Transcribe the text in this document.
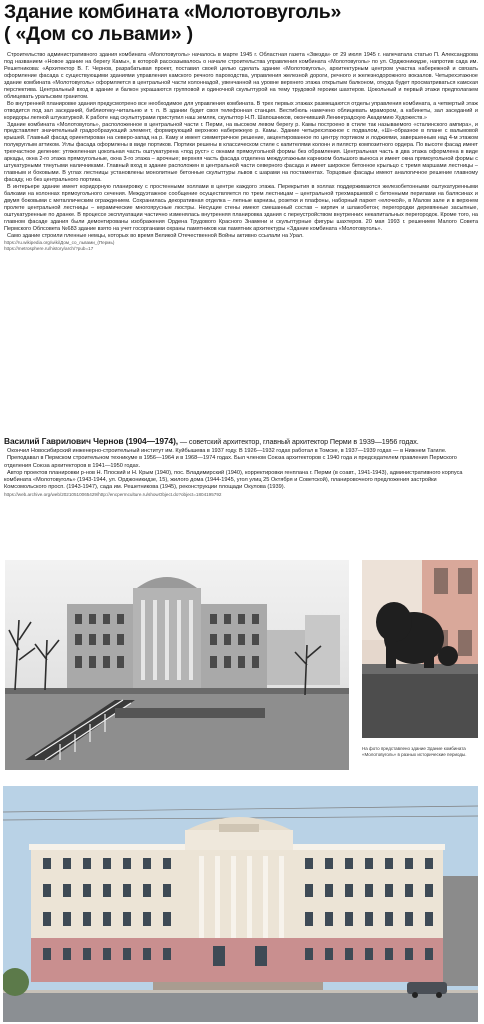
Здание комбината «Молотовуголь»
( «Дом со львами» )

Строительство административного здания комбината «Молотовуголь» началось в марте 1945 г. Областная газета «Звезда» от 29 июля 1945 г. напечатала статью П. Александрова под названием «Новое здание на берегу Камы», в которой рассказывалось о начале строительства управления комбината «Молотовуголь» по ул. Орджоникидзе, напротив сада им. Решетникова: «Архитектор В. Г. Чернов, разрабатывая проект, поставил своей целью сделать здание «Молотовуголь», архитектурным центром участка набережной и связать оформление фасада с существующими зданиями управления камского речного пароходства, управления железной дороги, речного и железнодорожного вокзалов. Четырехэтажное здание комбината «Молотовуголь» оформляется в центральной части колоннадой, увенчанной на уровне верхнего этажа открытым балконом, откуда будет просматриваться камская перспектива. Центральный вход в здание и балкон украшаются групповой и одиночной скульптурой на тему трудовой героики шахтеров. Цокольный и первый этажи предполагаем облицевать уральским гранитом.

Во внутренней планировке здания предусмотрено все необходимое для управления комбината. В трех первых этажах размещаются отделы управления комбината, а четвертый этаж отводится под зал заседаний, библиотеку-читальню и т. п. В здании будет своя телефонная станция. Вестибюль намечено облицевать мрамором, а кабинеты, зал заседаний и коридоры лепной штукатуркой. К работе над скульптурами приступил наш земляк, скульптор Н.П. Шапошников, окончивший Ленинградскую Академию Художеств.»

Здание комбината «Молотовуголь», расположенное в центральной части г. Перми, на высоком левом берегу р. Камы построено в стиле так называемого «сталинского ампира», и представляет значительный градообразующий элемент, формирующий верхнюю набережную р. Камы. Здание четырехэтажное с подвалом, «Ш»-образное в плане с вальмовой крышей. Главный фасад ориентирован на северо-запад на р. Каму и имеет симметричное решение, акцентированное по центру портиком и лоджиями, завершенным над 4-м этажом полукруглым аттиком. Углы фасада оформлены в виде портиков. Портики решены в классическом стиле с капителями колонн и пилястр композитного ордера. По высоте фасад имеет трехчастное деление: утяжеленная цокольная часть оштукатурена «под руст» с окнами прямоугольной формы без обрамления. Центральная часть в два этажа оформлена в виде аркады, окна 2-го этажа прямоугольные, окна 3-го этажа – арочные; верхняя часть фасада отделена междуэтажным карнизом большого выноса и имеет окна прямоугольной формы с штукатурными тянутыми наличниками. Главный вход в здание расположен в центральной части северного фасада и имеет широкое бетонное крыльцо с тремя маршами лестницы – главным и боковыми. В углах лестницы установлены монолитные бетонные скульптуры львов с шарами на постаментах. Торцовые фасады имеют аналогичное решение главному фасаду, но без центрального портика.

В интерьере здание имеет коридорную планировку с простенными холлами в центре каждого этажа. Перекрытия в холлах поддерживаются железобетонными оштукатуренными балками на колоннах прямоугольного сечения. Междуэтажное сообщение осуществляется по трем лестницам – центральной трехмаршевой с бетонными перилами на балясинах и двумя боковыми с металлическим ограждением. Сохранилась декоративная отделка – лепные карнизы, розетки и плафоны, наборный паркет «елочкой», в Малом зале и в верхнем пролете центральной лестницы – керамические многоярусные люстры. Несущие стены имеют смешанный состав – кирпич и шлакобетон; перегородки деревянные засыпные, оштукатуренные по дранке. В процессе эксплуатации частично изменялась внутренняя планировка здания с переустройством внутренних некапитальных перегородок. Кроме того, на главном фасаде здания были демонтированы изображения Ордена Трудового Красного Знамени и скульптурные фигуры шахтеров. 20 мая 1993 г. решением Малого Совета Пермского Облсовета №683 здание взято на учет госорганами охраны памятников как памятник архитектуры «Здание комбината «Молотовуголь».

Само здание строили пленные немцы, которых во время Великой Отечественной Войны активно ссылали на Урал.

https://ru.wikipedia.org/wiki/Дом_со_львами_(Пермь)
https://metrosphere.ru/history/arch/?pub=17
Василий Гаврилович Чернов (1904—1974), — советский архитектор, главный архитектор Перми в 1939—1956 годах.

Окончил Новосибирский инженерно-строительный институт им. Куйбышева в 1937 году. В 1926—1932 годах работал в Томске, в 1937—1939 годах — в Нижнем Тагиле.

Преподавал в Пермском строительном техникуме в 1956—1964 и в 1968—1974 годах. Был членом Союза архитекторов с 1940 года и председателем правления Пермского отделения Союза архитекторов в 1941—1950 годах.

Автор проектов планировки р-нов Н. Плоский и Н. Крым (1940), пос. Владимирский (1940), корректировки генплана г. Перми (в соавт., 1941-1943), административного корпуса комбината «Молотовуголь» (1943-1944, ул. Орджоникидзе, 15), жилого дома (1944-1945, угол улиц 25 Октября и Советской), планировочного предложения застройки Комсомольского просп. (1943-1947), сада им. Решетникова (1945), реконструкции площади Окулова (1939).

https://web.archive.org/web/20210510065429/http://encpermculture.ru/showObject.do?object=1804195792
На фото представлено здание Здание комбината «Молотовуголь» в разных исторические периоды.
